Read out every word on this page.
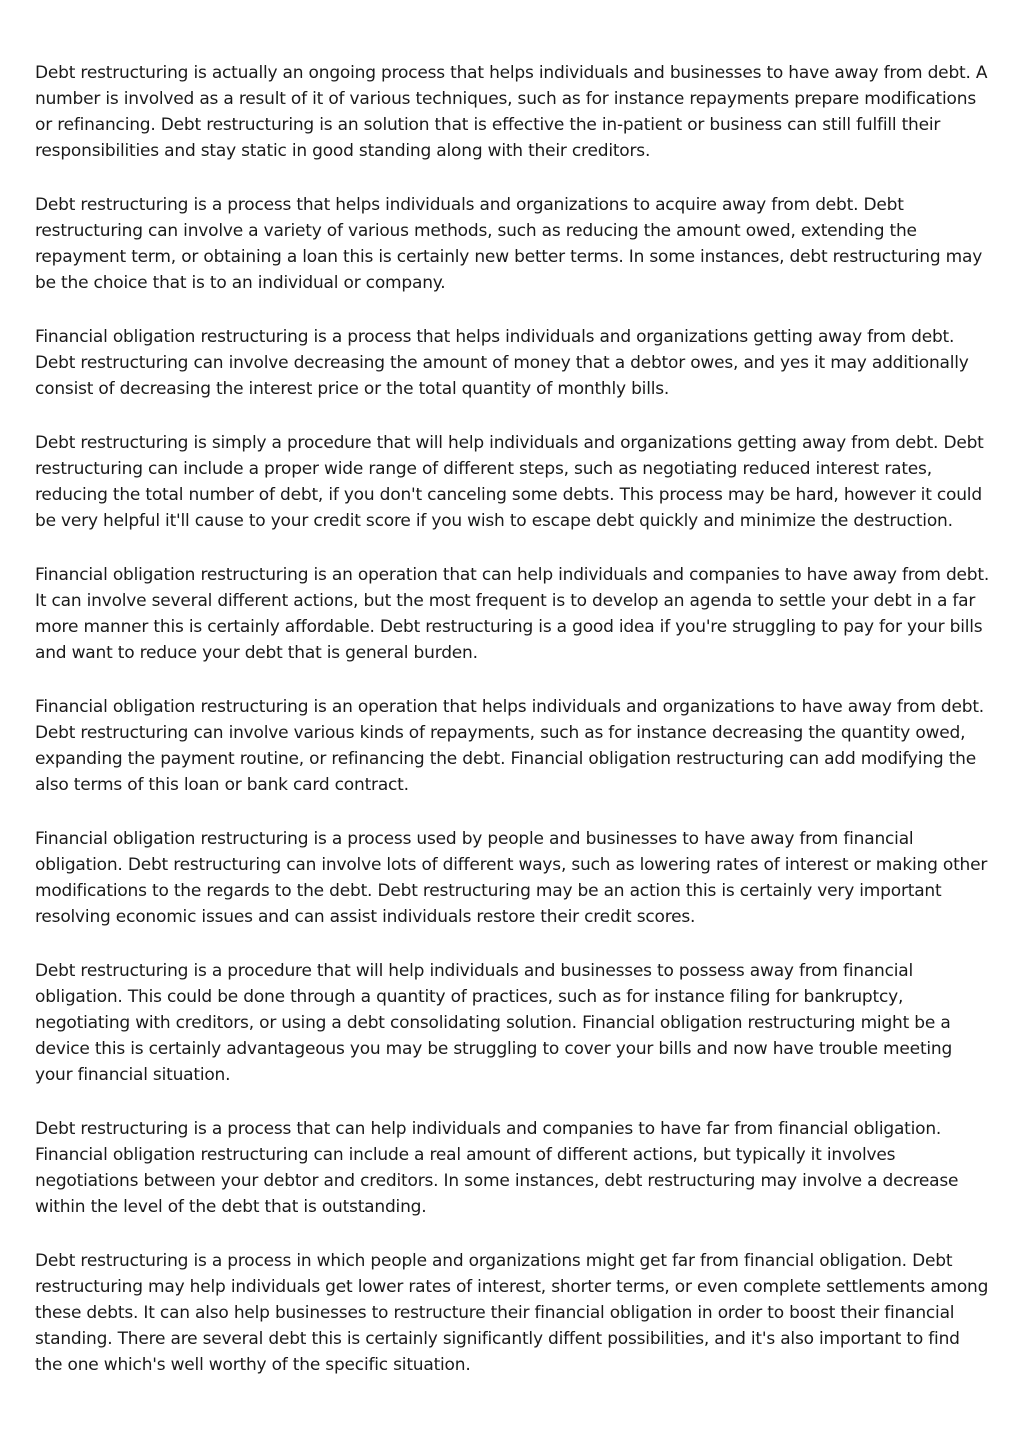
Debt restructuring is actually an ongoing process that helps individuals and businesses to have away from debt. A number is involved as a result of it of various techniques, such as for instance repayments prepare modifications or refinancing. Debt restructuring is an solution that is effective the in-patient or business can still fulfill their responsibilities and stay static in good standing along with their creditors.

Debt restructuring is a process that helps individuals and organizations to acquire away from debt. Debt restructuring can involve a variety of various methods, such as reducing the amount owed, extending the repayment term, or obtaining a loan this is certainly new better terms. In some instances, debt restructuring may be the choice that is to an individual or company.

Financial obligation restructuring is a process that helps individuals and organizations getting away from debt. Debt restructuring can involve decreasing the amount of money that a debtor owes, and yes it may additionally consist of decreasing the interest price or the total quantity of monthly bills.

Debt restructuring is simply a procedure that will help individuals and organizations getting away from debt. Debt restructuring can include a proper wide range of different steps, such as negotiating reduced interest rates, reducing the total number of debt, if you don't canceling some debts. This process may be hard, however it could be very helpful it'll cause to your credit score if you wish to escape debt quickly and minimize the destruction.

Financial obligation restructuring is an operation that can help individuals and companies to have away from debt. It can involve several different actions, but the most frequent is to develop an agenda to settle your debt in a far more manner this is certainly affordable. Debt restructuring is a good idea if you're struggling to pay for your bills and want to reduce your debt that is general burden.

Financial obligation restructuring is an operation that helps individuals and organizations to have away from debt. Debt restructuring can involve various kinds of repayments, such as for instance decreasing the quantity owed, expanding the payment routine, or refinancing the debt. Financial obligation restructuring can add modifying the also terms of this loan or bank card contract.

Financial obligation restructuring is a process used by people and businesses to have away from financial obligation. Debt restructuring can involve lots of different ways, such as lowering rates of interest or making other modifications to the regards to the debt. Debt restructuring may be an action this is certainly very important resolving economic issues and can assist individuals restore their credit scores.

Debt restructuring is a procedure that will help individuals and businesses to possess away from financial obligation. This could be done through a quantity of practices, such as for instance filing for bankruptcy, negotiating with creditors, or using a debt consolidating solution. Financial obligation restructuring might be a device this is certainly advantageous you may be struggling to cover your bills and now have trouble meeting your financial situation.

Debt restructuring is a process that can help individuals and companies to have far from financial obligation. Financial obligation restructuring can include a real amount of different actions, but typically it involves negotiations between your debtor and creditors. In some instances, debt restructuring may involve a decrease within the level of the debt that is outstanding.

Debt restructuring is a process in which people and organizations might get far from financial obligation. Debt restructuring may help individuals get lower rates of interest, shorter terms, or even complete settlements among these debts. It can also help businesses to restructure their financial obligation in order to boost their financial standing. There are several debt this is certainly significantly diffent possibilities, and it's also important to find the one which's well worthy of the specific situation.
